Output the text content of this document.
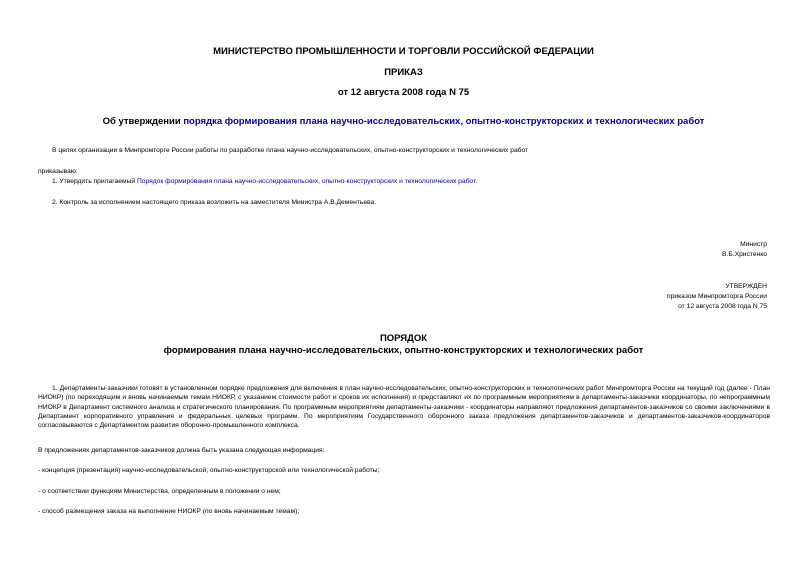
МИНИСТЕРСТВО ПРОМЫШЛЕННОСТИ И ТОРГОВЛИ РОССИЙСКОЙ ФЕДЕРАЦИИ
ПРИКАЗ
от 12 августа 2008 года N 75
Об утверждении порядка формирования плана научно-исследовательских, опытно-конструкторских и технологических работ
В целях организации в Минпромторге России работы по разработке плана научно-исследовательских, опытно-конструкторских и технологических работ
приказываю:
1. Утвердить прилагаемый Порядок формирования плана научно-исследовательских, опытно-конструкторских и технологических работ.
2. Контроль за исполнением настоящего приказа возложить на заместителя Министра А.В.Дементьева.
Министр
В.Б.Христенко
УТВЕРЖДЕН
приказом Минпромторга России
от 12 августа 2008 года N 75
ПОРЯДОК
формирования плана научно-исследовательских, опытно-конструкторских и технологических работ
1. Департаменты-заказчики готовят в установленном порядке предложения для включения в план научно-исследовательских, опытно-конструкторских и технологических работ Минпромторга России на текущий год (далее - План НИОКР) (по переходящим и вновь начинаемым темам НИОКР, с указанием стоимости работ и сроков их исполнения) и представляют их по программным мероприятиям в департаменты-заказчики координаторы, по непрограммным НИОКР в Департамент системного анализа и стратегического планирования. По программным мероприятиям департаменты-заказчики - координаторы направляют предложения департаментов-заказчиков со своими заключениями в Департамент корпоративного управления и федеральных целевых программ. По мероприятиям Государственного оборонного заказа предложения департаментов-заказчиков и департаментов-заказчиков-координаторов согласовываются с Департаментом развития оборонно-промышленного комплекса.
В предложениях департаментов-заказчиков должна быть указана следующая информация:
- концепция (презентация) научно-исследовательской, опытно-конструкторской или технологической работы;
- о соответствии функциям Министерства, определенным в положении о нем;
- способ размещения заказа на выполнение НИОКР (по вновь начинаемым темам);
